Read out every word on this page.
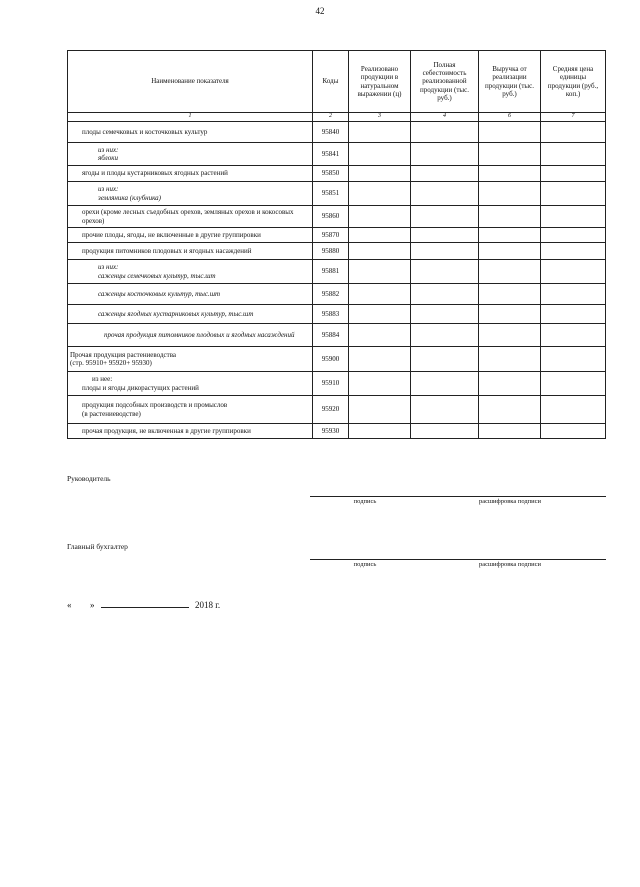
42
Наименование показателя	Коды	Реализовано продукции в натуральном выражении (ц)	Полная себестоимость реализованной продукции (тыс. руб.)	Выручка от реализации продукции (тыс. руб.)	Средняя цена единицы продукции (руб., коп.)
1	2	3	4	6	7
плоды семечковых и косточковых культур	95840				

из них:
яблоки	95841				
ягоды и плоды кустарниковых ягодных растений	95850				

из них:
земляника (клубника)	95851				
орехи (кроме лесных съедобных орехов, земляных орехов и кокосовых орехов)	95860				
прочие плоды, ягоды, не включенные в другие группировки	95870				
продукция питомников плодовых и ягодных насаждений	95880				

из них:
саженцы семечковых культур, тыс.шт	95881				
саженцы косточковых культур, тыс.шт	95882				
саженцы ягодных кустарниковых культур, тыс.шт	95883				
прочая продукция питомников плодовых и ягодных насаждений	95884				

Прочая продукция растениеводства
(стр. 95910+ 95920+ 95930)	95900				

из нее:
плоды и ягоды дикорастущих растений	95910				

продукция подсобных производств и промыслов
(в растениеводстве)	95920				
прочая продукция, не включенная в другие группировки	95930				
Руководитель
подпись	расшифровка подписи
Главный бухгалтер
подпись	расшифровка подписи
« »	2018 г.
